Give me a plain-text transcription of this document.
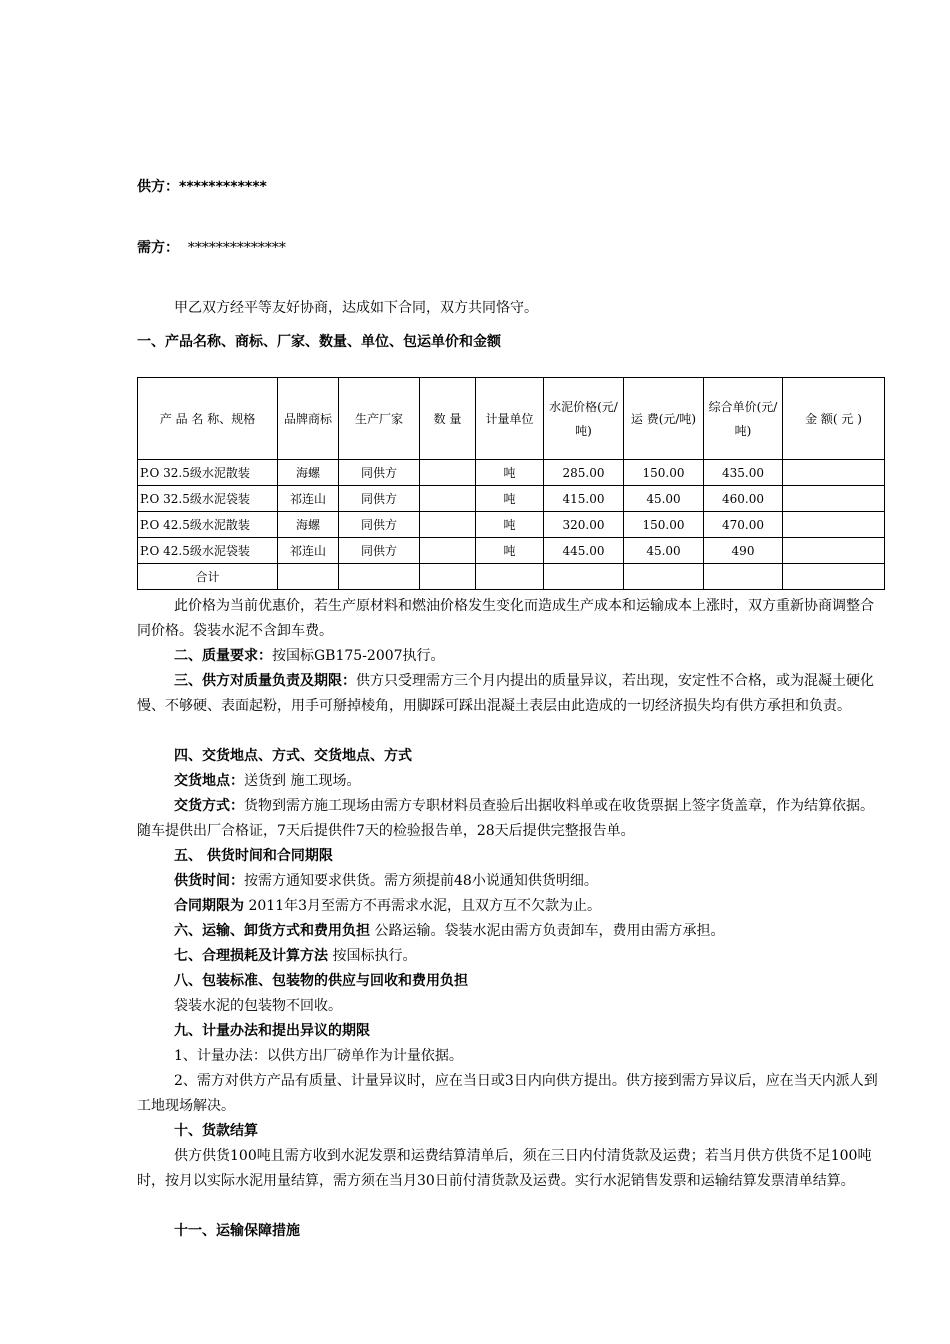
供方：************
需方： **************
甲乙双方经平等友好协商，达成如下合同，双方共同恪守。
一、产品名称、商标、厂家、数量、单位、包运单价和金额
产 品 名 称、规格	品牌商标	生产厂家	数 量	计量单位	水泥价格(元/吨)	运 费(元/吨)	综合单价(元/吨)	金 额( 元 )
P.O 32.5级水泥散装	海螺	同供方		吨	285.00	150.00	435.00	
P.O 32.5级水泥袋装	祁连山	同供方		吨	415.00	45.00	460.00	
P.O 42.5级水泥散装	海螺	同供方		吨	320.00	150.00	470.00	
P.O 42.5级水泥袋装	祁连山	同供方		吨	445.00	45.00	490	
合计								
此价格为当前优惠价，若生产原材料和燃油价格发生变化而造成生产成本和运输成本上涨时，双方重新协商调整合同价格。袋装水泥不含卸车费。
二、质量要求：按国标GB175-2007执行。
三、供方对质量负责及期限：供方只受理需方三个月内提出的质量异议，若出现，安定性不合格，或为混凝土硬化慢、不够硬、表面起粉，用手可掰掉棱角，用脚踩可踩出混凝土表层由此造成的一切经济损失均有供方承担和负责。
四、交货地点、方式、交货地点、方式
交货地点：送货到 施工现场。
交货方式：货物到需方施工现场由需方专职材料员查验后出据收料单或在收货票据上签字货盖章，作为结算依据。随车提供出厂合格证，7天后提供件7天的检验报告单，28天后提供完整报告单。
五、 供货时间和合同期限
供货时间：按需方通知要求供货。需方须提前48小说通知供货明细。
合同期限为 2011年3月至需方不再需求水泥，且双方互不欠款为止。
六、运输、卸货方式和费用负担 公路运输。袋装水泥由需方负责卸车，费用由需方承担。
七、合理损耗及计算方法 按国标执行。
八、包装标准、包装物的供应与回收和费用负担
袋装水泥的包装物不回收。
九、计量办法和提出异议的期限
1、计量办法：以供方出厂磅单作为计量依据。
2、需方对供方产品有质量、计量异议时，应在当日或3日内向供方提出。供方接到需方异议后，应在当天内派人到工地现场解决。
十、货款结算
供方供货100吨且需方收到水泥发票和运费结算清单后，须在三日内付清货款及运费；若当月供方供货不足100吨时，按月以实际水泥用量结算，需方须在当月30日前付清货款及运费。实行水泥销售发票和运输结算发票清单结算。
十一、运输保障措施
